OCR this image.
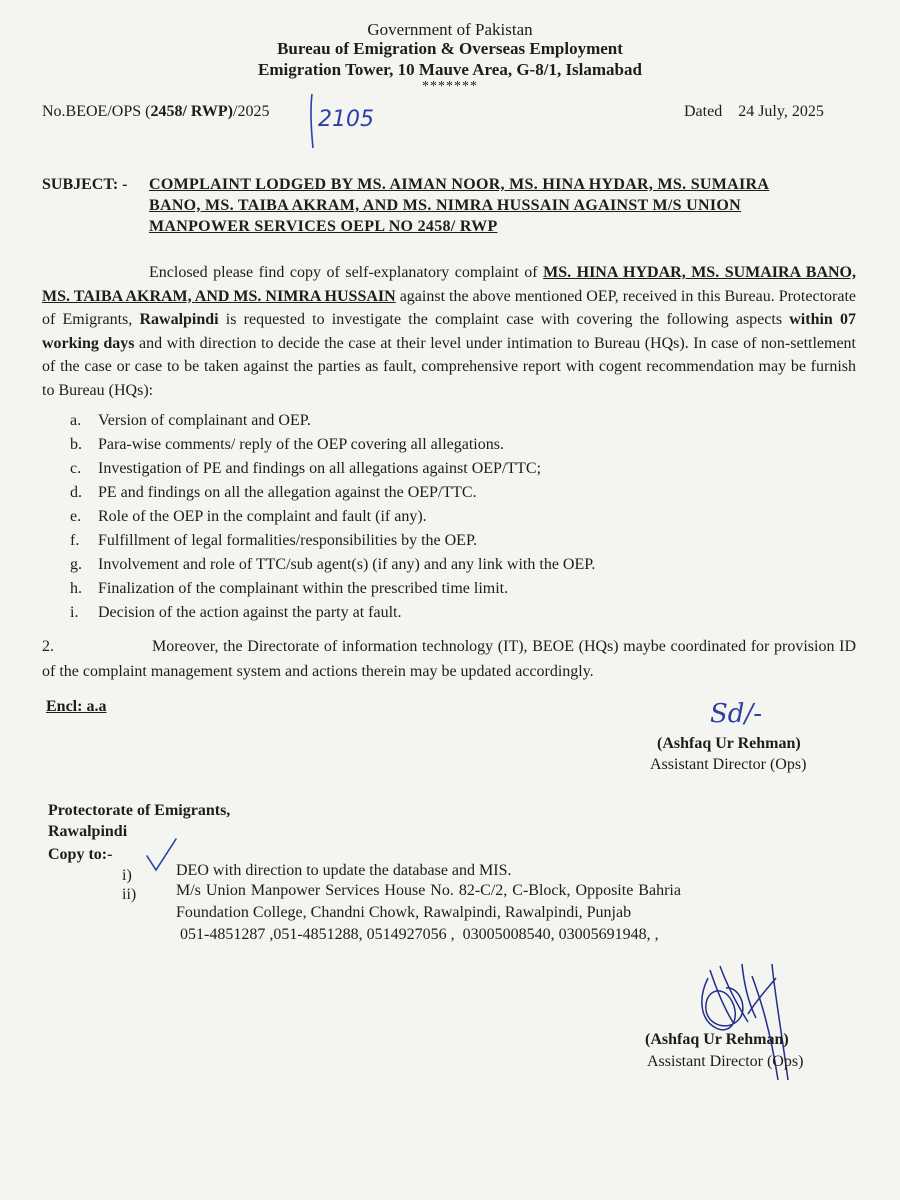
Government of Pakistan
Bureau of Emigration & Overseas Employment
Emigration Tower, 10 Mauve Area, G-8/1, Islamabad
*******
No.BEOE/OPS (2458/ RWP)/2025 2105	Dated 24 July, 2025
SUBJECT: - COMPLAINT LODGED BY MS. AIMAN NOOR, MS. HINA HYDAR, MS. SUMAIRA
BANO, MS. TAIBA AKRAM, AND MS. NIMRA HUSSAIN AGAINST M/S UNION
MANPOWER SERVICES OEPL NO 2458/ RWP
Enclosed please find copy of self-explanatory complaint of MS. HINA HYDAR, MS. SUMAIRA BANO, MS. TAIBA AKRAM, AND MS. NIMRA HUSSAIN against the above mentioned OEP, received in this Bureau. Protectorate of Emigrants, Rawalpindi is requested to investigate the complaint case with covering the following aspects within 07 working days and with direction to decide the case at their level under intimation to Bureau (HQs). In case of non-settlement of the case or case to be taken against the parties as fault, comprehensive report with cogent recommendation may be furnish to Bureau (HQs):
a. Version of complainant and OEP.
b. Para-wise comments/ reply of the OEP covering all allegations.
c. Investigation of PE and findings on all allegations against OEP/TTC;
d. PE and findings on all the allegation against the OEP/TTC.
e. Role of the OEP in the complaint and fault (if any).
f. Fulfillment of legal formalities/responsibilities by the OEP.
g. Involvement and role of TTC/sub agent(s) (if any) and any link with the OEP.
h. Finalization of the complainant within the prescribed time limit.
i. Decision of the action against the party at fault.
2.	Moreover, the Directorate of information technology (IT), BEOE (HQs) maybe coordinated for provision ID of the complaint management system and actions therein may be updated accordingly.
Encl: a.a	Sd/-
(Ashfaq Ur Rehman)
Assistant Director (Ops)
Protectorate of Emigrants,
Rawalpindi
Copy to:-
i)	DEO with direction to update the database and MIS.
ii) M/s Union Manpower Services House No. 82-C/2, C-Block, Opposite Bahria
Foundation College, Chandni Chowk, Rawalpindi, Rawalpindi, Punjab
051-4851287 ,051-4851288, 0514927056 ,  03005008540, 03005691948, ,
(Ashfaq Ur Rehman)
Assistant Director (Ops)
